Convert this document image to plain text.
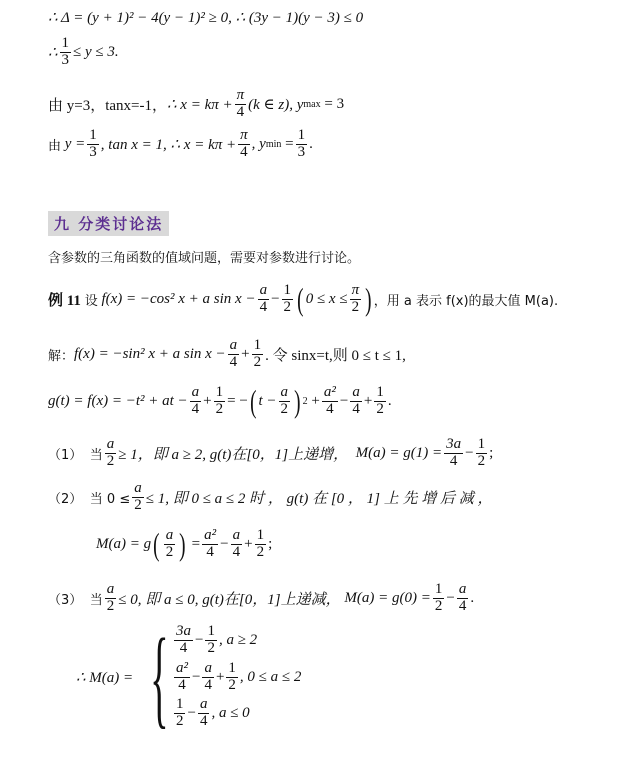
∴ Δ = (y + 1)² − 4(y − 1)² ≥ 0, ∴ (3y − 1)(y − 3) ≤ 0
∴ $\frac{1}{3} \le y \le 3$.
由 y=3，tanx=-1， ∴ $x = k\pi + \frac{\pi}{4} (k$ ∈ z), y max
= 3
由
$y = \frac{1}{3}$ , tan x = 1, ∴ $x = k\pi + \frac{\pi}{4}$ , y min
= $\frac{1}{3}$ .
九 分类讨论法
含参数的三角函数的值域问题，需要对参数进行讨论。
例 11
设
f(x) = −cos² x + a $\sin x - \frac{a}{4} - \frac{1}{2}$ ( $0 \le x \le \frac{\pi}{2}$ ) ，用 a 表示 f(x)的最大值 M(a).
解： f(x) = −sin² x + a $\sin x - \frac{a}{4} + \frac{1}{2}$ . 令 sinx=t,则 0 ≤ t ≤ 1,
g(t) = f(x) = −t² + at − $\frac{a}{4} + \frac{1}{2}$ = − ( $t - \frac{a}{2}$ ) $2 + \frac{\text{a²}}{4} - \frac{a}{4} + \frac{1}{2}$ .
（1）
当 $\frac{a}{2} \ge 1$，即 a ≥ 2, g(t)在[0，1]上递增，
$M(a) = g(1) = \frac{3a}{4} - \frac{1}{2}$ ;
（2）
当 $0 \le \frac{a}{2} \le 1$, 即 0 ≤ a ≤ 2 时 ， g(t) 在 [0 ， 1] 上 先 增 后 减 ，
M(a) = g ( $\frac{a}{2}$ ) = $\frac{\text{a²}}{4} - \frac{a}{4} + \frac{1}{2}$ ;
（3）
当 $\frac{a}{2} \le 0$, 即 a ≤ 0, g(t)在[0，1]上递减，
$M(a) = g(0) = \frac{1}{2} - \frac{a}{4}$ .
∴ M(a) = { $\frac{3a}{4} - \frac{1}{2}$ , a ≥ 2
$\frac{\text{a²}}{4} - \frac{a}{4} + \frac{1}{2}$ , 0 ≤ a ≤ 2
$\frac{1}{2} - \frac{a}{4}$ , a ≤ 0
